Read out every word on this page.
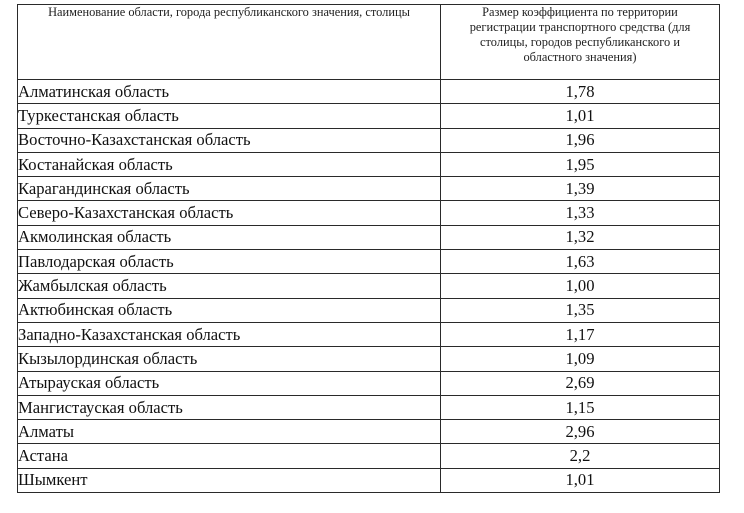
Наименование области, города республиканского значения, столицы	Размер коэффициента по территории регистрации транспортного средства (для столицы, городов республиканского и областного значения)

Алматинская область	1,78
Туркестанская область	1,01
Восточно-Казахстанская область	1,96
Костанайская область	1,95
Карагандинская область	1,39
Северо-Казахстанская область	1,33
Акмолинская область	1,32
Павлодарская область	1,63
Жамбылская область	1,00
Актюбинская область	1,35
Западно-Казахстанская область	1,17
Кызылординская область	1,09
Атырауская область	2,69
Мангистауская область	1,15
Алматы	2,96
Астана	2,2
Шымкент	1,01
